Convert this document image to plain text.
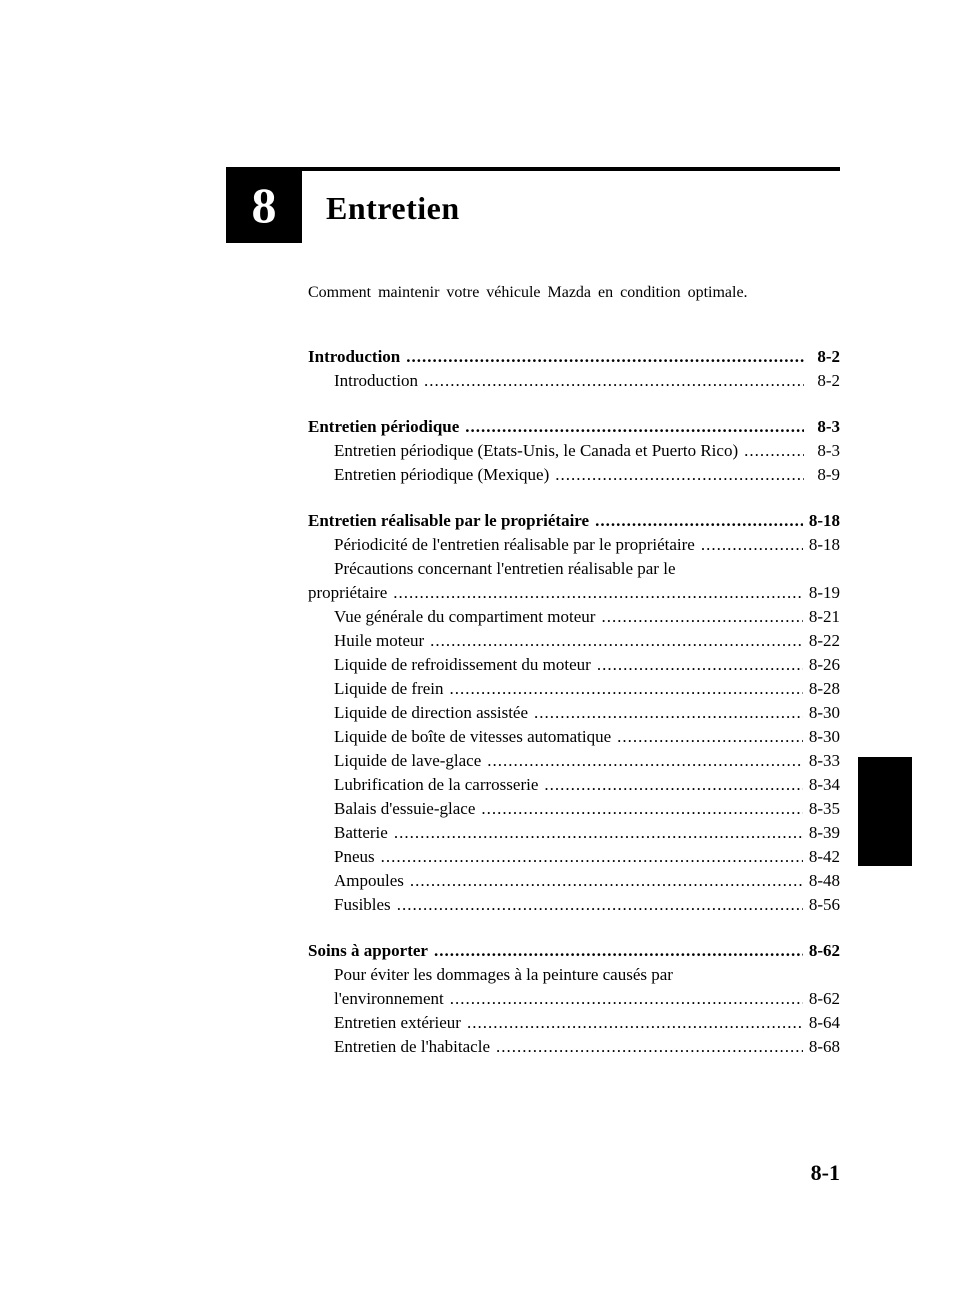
8 Entretien
Comment maintenir votre véhicule Mazda en condition optimale.
Introduction .....	8-2
Introduction .....	8-2
Entretien périodique .....	8-3
Entretien périodique (Etats-Unis, le Canada et Puerto Rico) .....	8-3
Entretien périodique (Mexique) .....	8-9
Entretien réalisable par le propriétaire .....	8-18
Périodicité de l'entretien réalisable par le propriétaire .....	8-18
Précautions concernant l'entretien réalisable par le
propriétaire .....	8-19
Vue générale du compartiment moteur .....	8-21
Huile moteur .....	8-22
Liquide de refroidissement du moteur .....	8-26
Liquide de frein .....	8-28
Liquide de direction assistée .....	8-30
Liquide de boîte de vitesses automatique .....	8-30
Liquide de lave-glace .....	8-33
Lubrification de la carrosserie .....	8-34
Balais d'essuie-glace .....	8-35
Batterie .....	8-39
Pneus .....	8-42
Ampoules .....	8-48
Fusibles .....	8-56
Soins à apporter .....	8-62
Pour éviter les dommages à la peinture causés par
l'environnement .....	8-62
Entretien extérieur .....	8-64
Entretien de l'habitacle .....	8-68
8-1
